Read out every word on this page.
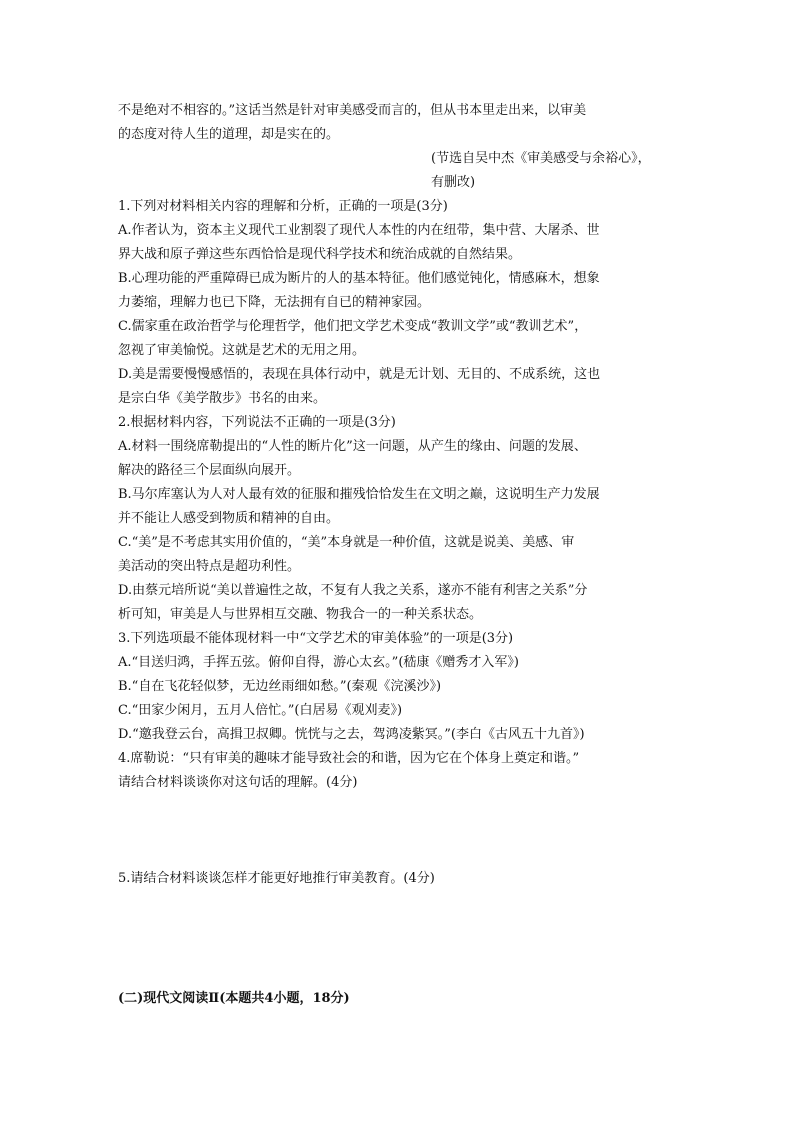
不是绝对不相容的。”这话当然是针对审美感受而言的，但从书本里走出来，以审美
的态度对待人生的道理，却是实在的。
(节选自吴中杰《审美感受与余裕心》，
有删改)
1.下列对材料相关内容的理解和分析，正确的一项是(3分)
A.作者认为，资本主义现代工业割裂了现代人本性的内在纽带，集中营、大屠杀、世
界大战和原子弹这些东西恰恰是现代科学技术和统治成就的自然结果。
B.心理功能的严重障碍已成为断片的人的基本特征。他们感觉钝化，情感麻木，想象
力萎缩，理解力也已下降，无法拥有自已的精神家园。
C.儒家重在政治哲学与伦理哲学，他们把文学艺术变成“教训文学”或“教训艺术”，
忽视了审美愉悦。这就是艺术的无用之用。
D.美是需要慢慢感悟的，表现在具体行动中，就是无计划、无目的、不成系统，这也
是宗白华《美学散步》书名的由来。
2.根据材料内容，下列说法不正确的一项是(3分)
A.材料一围绕席勒提出的“人性的断片化”这一问题，从产生的缘由、问题的发展、
解决的路径三个层面纵向展开。
B.马尔库塞认为人对人最有效的征服和摧残恰恰发生在文明之巅，这说明生产力发展
并不能让人感受到物质和精神的自由。
C.“美”是不考虑其实用价值的，“美”本身就是一种价值，这就是说美、美感、审
美活动的突出特点是超功利性。
D.由蔡元培所说“美以普遍性之故，不复有人我之关系，遂亦不能有利害之关系”分
析可知，审美是人与世界相互交融、物我合一的一种关系状态。
3.下列选项最不能体现材料一中“文学艺术的审美体验”的一项是(3分)
A.“目送归鸿，手挥五弦。俯仰自得，游心太玄。”(嵇康《赠秀才入军》)
B.“自在飞花轻似梦，无边丝雨细如愁。”(秦观《浣溪沙》)
C.“田家少闲月，五月人倍忙。”(白居易《观刈麦》)
D.“邀我登云台，高揖卫叔卿。恍恍与之去，驾鸿凌紫冥。”(李白《古风五十九首》)
4.席勒说：“只有审美的趣味才能导致社会的和谐，因为它在个体身上奠定和谐。”
请结合材料谈谈你对这句话的理解。(4分)
5.请结合材料谈谈怎样才能更好地推行审美教育。(4分)
(二)现代文阅读Ⅱ(本题共4小题，18分)
